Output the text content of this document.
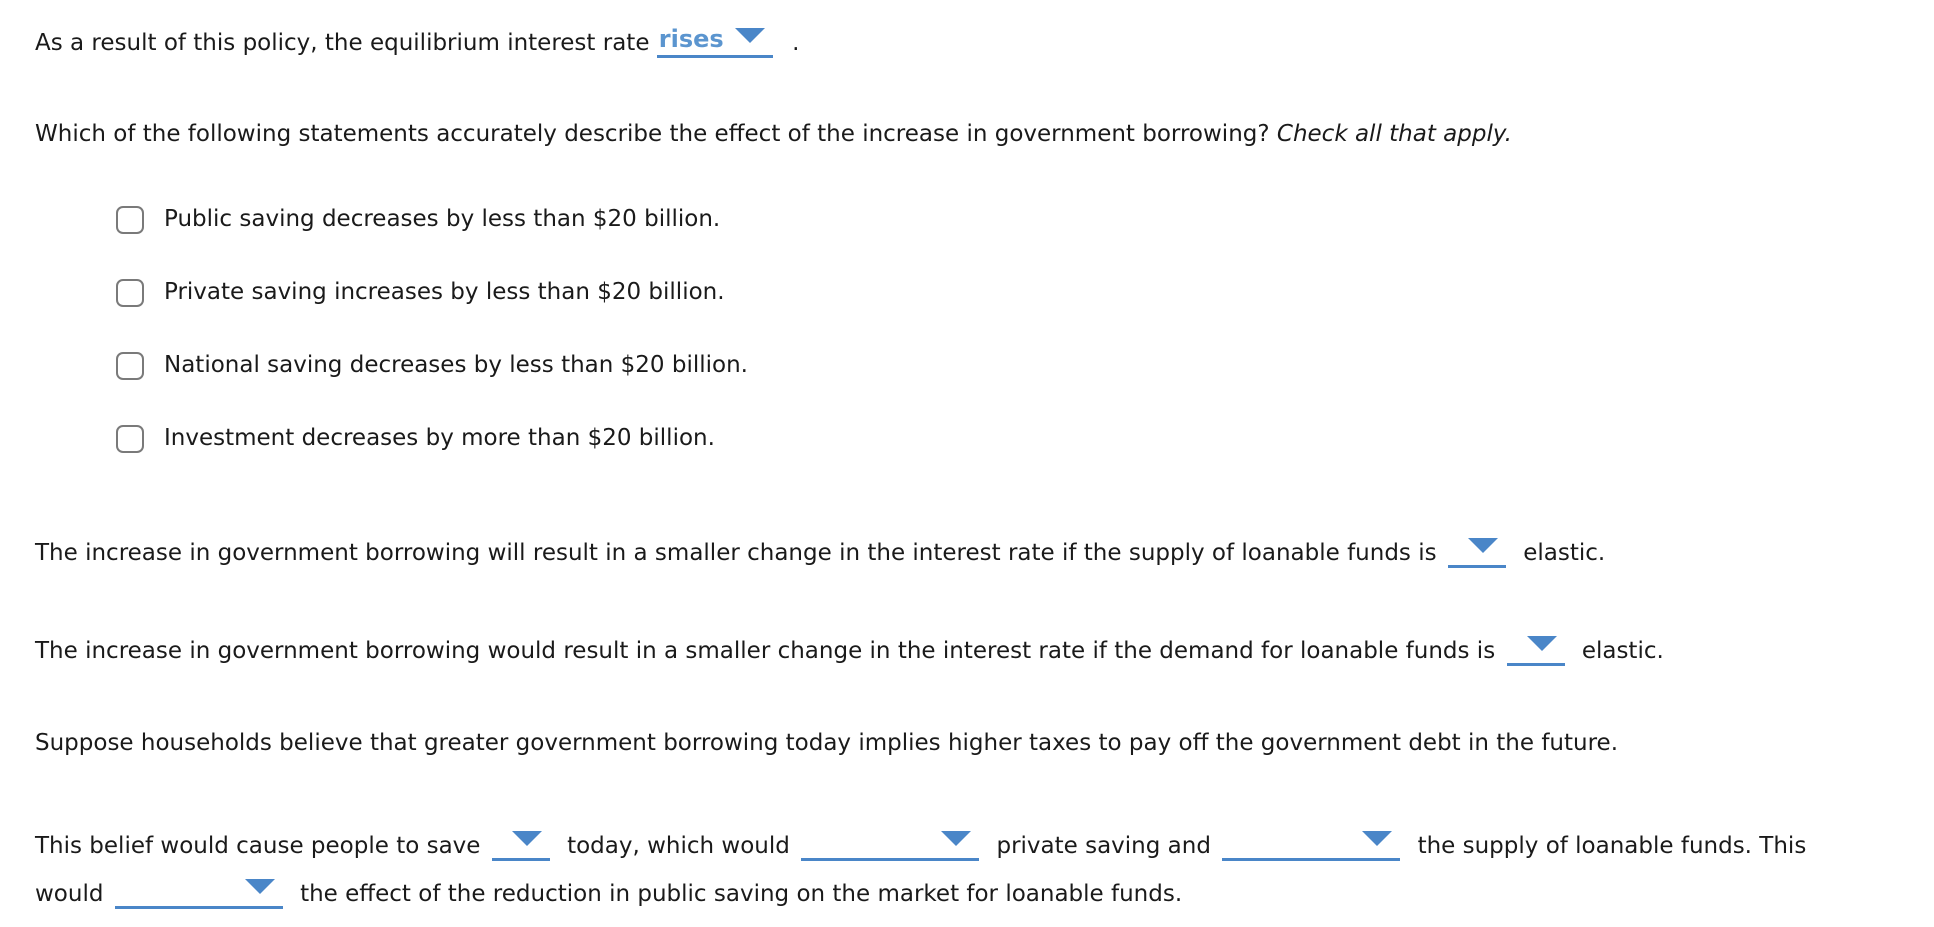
As a result of this policy, the equilibrium interest rate rises	.
Which of the following statements accurately describe the effect of the increase in government borrowing? Check all that apply.
Public saving decreases by less than $20 billion.
Private saving increases by less than $20 billion.
National saving decreases by less than $20 billion.
Investment decreases by more than $20 billion.
The increase in government borrowing will result in a smaller change in the interest rate if the supply of loanable funds is	elastic.
The increase in government borrowing would result in a smaller change in the interest rate if the demand for loanable funds is	elastic.
Suppose households believe that greater government borrowing today implies higher taxes to pay off the government debt in the future.
This belief would cause people to save	today, which would	private saving and	the supply of loanable funds. This
would	the effect of the reduction in public saving on the market for loanable funds.
